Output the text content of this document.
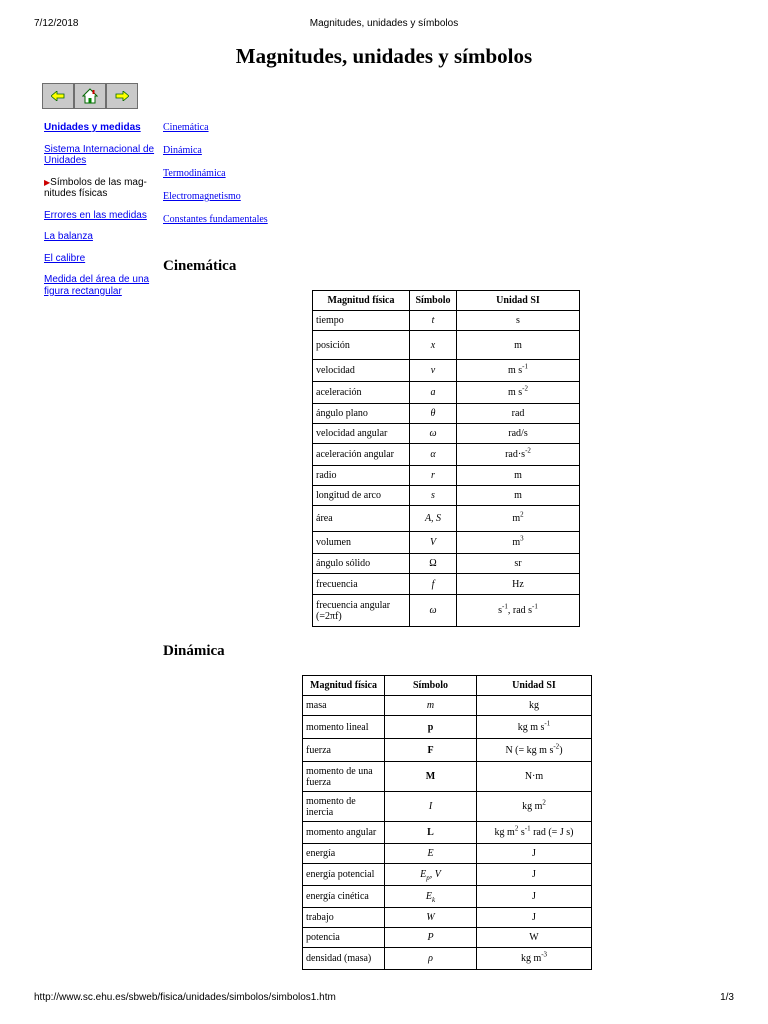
7/12/2018	Magnitudes, unidades y símbolos
Magnitudes, unidades y símbolos
Unidades y medidas
Sistema Internacional de Unidades
▶Símbolos de las mag- nitudes físicas
Errores en las medidas
La balanza
El calibre
Medida del área de una figura rectangular
Cinemática
Dinámica
Termodinámica
Electromagnetismo
Constantes fundamentales
Cinemática
Magnitud física	Símbolo	Unidad SI
tiempo	t	s
posición	x	m
velocidad	v	m $s^{-1}$
aceleración	a	m $s^{-2}$
ángulo plano	θ	rad
velocidad angular	ω	rad/s
aceleración angular	α	$rad\cdot s^{-2}$
radio	r	m
longitud de arco	s	m
área	A, S	$m^2$
volumen	V	$m^3$
ángulo sólido	Ω	sr
frecuencia	f	Hz
frecuencia angular (=2πf)	ω	$s^{-1}$, rad $s^{-1}$
Dinámica
Magnitud física	Símbolo	Unidad SI
masa	m	kg
momento lineal	p	kg m $s^{-1}$
fuerza	F	N (= kg m $s^{-2}$)
momento de una fuerza	M	N·m
momento de inercia	I	kg $m^2$
momento angular	L	kg $m^2$ $s^{-1}$ rad (= J s)
energía	E	J
energía potencial	$E_p$, V	J
energía cinética	$E_k$	J
trabajo	W	J
potencia	P	W
densidad (masa)	ρ	kg $m^{-3}$
http://www.sc.ehu.es/sbweb/fisica/unidades/simbolos/simbolos1.htm	1/3
